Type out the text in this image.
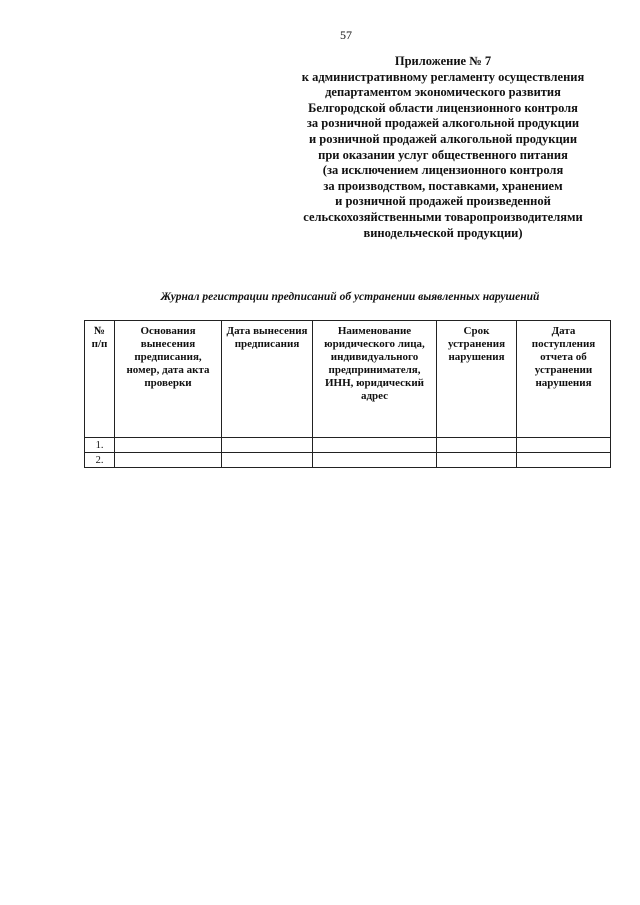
57
Приложение № 7
к административному регламенту осуществления
департаментом экономического развития
Белгородской области лицензионного контроля
за розничной продажей алкогольной продукции
и розничной продажей алкогольной продукции
при оказании услуг общественного питания
(за исключением лицензионного контроля
за производством, поставками, хранением
и розничной продажей произведенной
сельскохозяйственными товаропроизводителями
винодельческой продукции)
Журнал регистрации предписаний об устранении выявленных нарушений
№ п/п	Основания вынесения предписания, номер, дата акта проверки	Дата вынесения предписания	Наименование юридического лица, индивидуального предпринимателя, ИНН, юридический адрес	Срок устранения нарушения	Дата поступления отчета об устранении нарушения

1.					
2.					
